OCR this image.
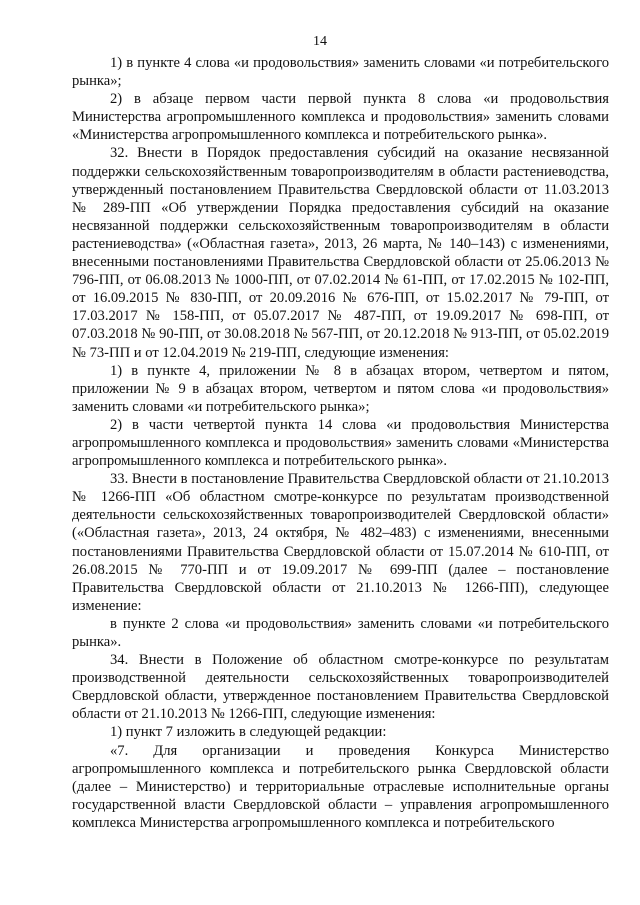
14

1) в пункте 4 слова «и продовольствия» заменить словами «и потребительского рынка»;

2) в абзаце первом части первой пункта 8 слова «и продовольствия Министерства агропромышленного комплекса и продовольствия» заменить словами «Министерства агропромышленного комплекса и потребительского рынка».

32. Внести в Порядок предоставления субсидий на оказание несвязанной поддержки сельскохозяйственным товаропроизводителям в области растениеводства, утвержденный постановлением Правительства Свердловской области от 11.03.2013 № 289-ПП «Об утверждении Порядка предоставления субсидий на оказание несвязанной поддержки сельскохозяйственным товаропроизводителям в области растениеводства» («Областная газета», 2013, 26 марта, № 140–143) с изменениями, внесенными постановлениями Правительства Свердловской области от 25.06.2013 № 796-ПП, от 06.08.2013 № 1000-ПП, от 07.02.2014 № 61-ПП, от 17.02.2015 № 102-ПП, от 16.09.2015 № 830-ПП, от 20.09.2016 № 676-ПП, от 15.02.2017 № 79-ПП, от 17.03.2017 № 158-ПП, от 05.07.2017 № 487-ПП, от 19.09.2017 № 698-ПП, от 07.03.2018 № 90-ПП, от 30.08.2018 № 567-ПП, от 20.12.2018 № 913-ПП, от 05.02.2019 № 73-ПП и от 12.04.2019 № 219-ПП, следующие изменения:

1) в пункте 4, приложении № 8 в абзацах втором, четвертом и пятом, приложении № 9 в абзацах втором, четвертом и пятом слова «и продовольствия» заменить словами «и потребительского рынка»;

2) в части четвертой пункта 14 слова «и продовольствия Министерства агропромышленного комплекса и продовольствия» заменить словами «Министерства агропромышленного комплекса и потребительского рынка».

33. Внести в постановление Правительства Свердловской области от 21.10.2013 № 1266-ПП «Об областном смотре-конкурсе по результатам производственной деятельности сельскохозяйственных товаропроизводителей Свердловской области» («Областная газета», 2013, 24 октября, № 482–483) с изменениями, внесенными постановлениями Правительства Свердловской области от 15.07.2014 № 610-ПП, от 26.08.2015 № 770-ПП и от 19.09.2017 № 699-ПП (далее – постановление Правительства Свердловской области от 21.10.2013 № 1266-ПП), следующее изменение:

в пункте 2 слова «и продовольствия» заменить словами «и потребительского рынка».

34. Внести в Положение об областном смотре-конкурсе по результатам производственной деятельности сельскохозяйственных товаропроизводителей Свердловской области, утвержденное постановлением Правительства Свердловской области от 21.10.2013 № 1266-ПП, следующие изменения:

1) пункт 7 изложить в следующей редакции:

«7. Для организации и проведения Конкурса Министерство агропромышленного комплекса и потребительского рынка Свердловской области (далее – Министерство) и территориальные отраслевые исполнительные органы государственной власти Свердловской области – управления агропромышленного комплекса Министерства агропромышленного комплекса и потребительского
